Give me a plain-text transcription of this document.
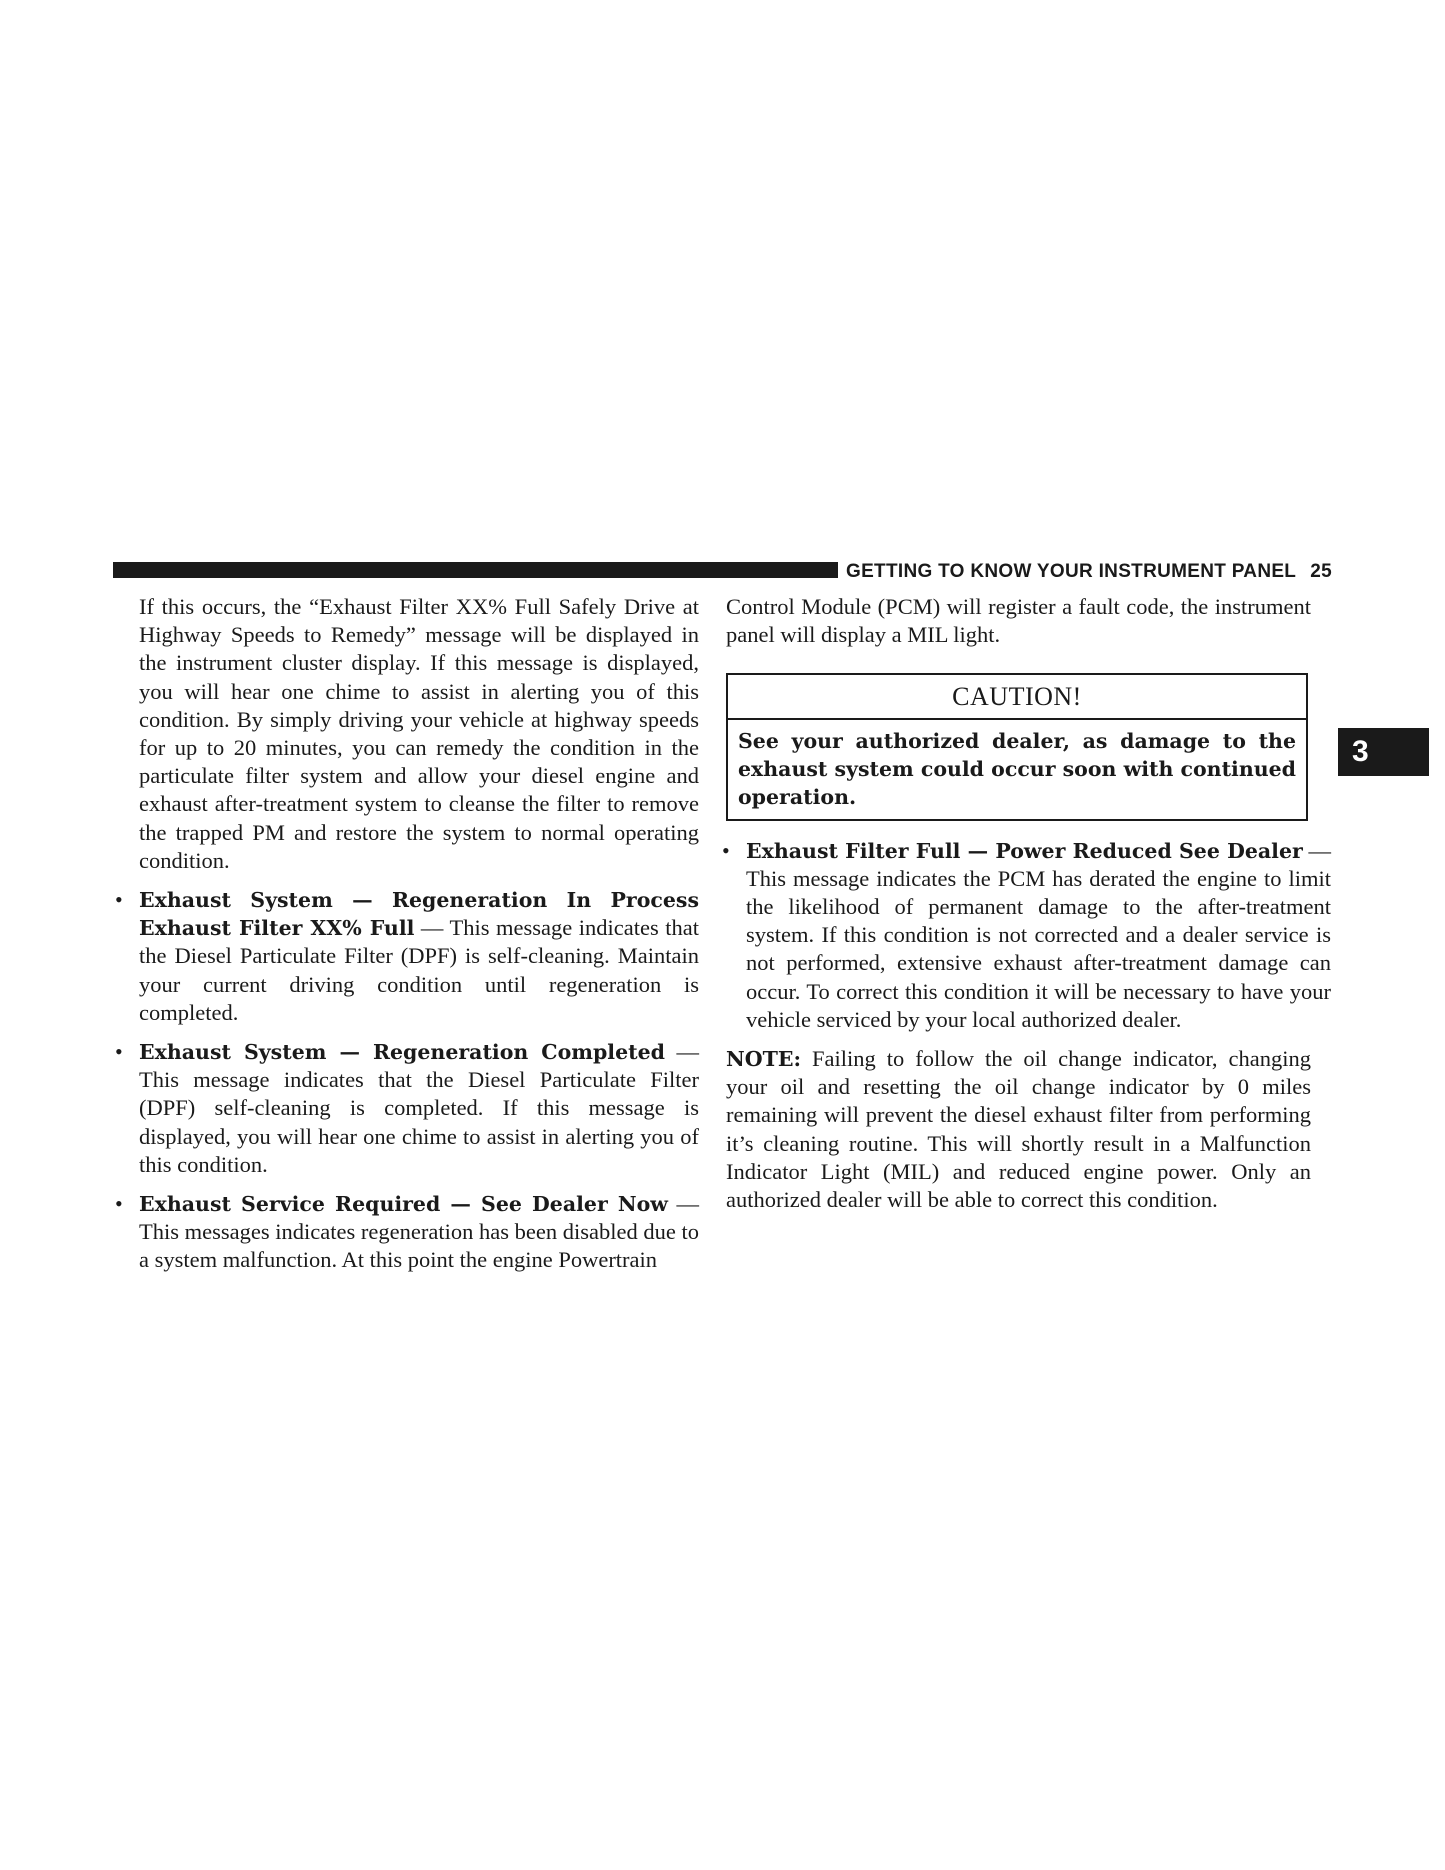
GETTING TO KNOW YOUR INSTRUMENT PANEL 25
3

If this occurs, the “Exhaust Filter XX% Full Safely Drive at Highway Speeds to Remedy” message will be displayed in the instrument cluster display. If this message is displayed, you will hear one chime to assist in alerting you of this condition. By simply driving your vehicle at highway speeds for up to 20 minutes, you can remedy the condition in the particulate filter system and allow your diesel engine and exhaust after-treatment system to cleanse the filter to remove the trapped PM and restore the system to normal operating condition.

• Exhaust System — Regeneration In Process Exhaust Filter XX% Full — This message indicates that the Diesel Particulate Filter (DPF) is self-cleaning. Maintain your current driving condition until regeneration is completed.
• Exhaust System — Regeneration Completed — This message indicates that the Diesel Particulate Filter (DPF) self-cleaning is completed. If this message is displayed, you will hear one chime to assist in alerting you of this condition.
• Exhaust Service Required — See Dealer Now — This messages indicates regeneration has been disabled due to a system malfunction. At this point the engine Powertrain

Control Module (PCM) will register a fault code, the instrument panel will display a MIL light.

CAUTION!
See your authorized dealer, as damage to the exhaust system could occur soon with continued operation.
• Exhaust Filter Full — Power Reduced See Dealer — This message indicates the PCM has derated the engine to limit the likelihood of permanent damage to the after-treatment system. If this condition is not corrected and a dealer service is not performed, extensive exhaust after-treatment damage can occur. To correct this condition it will be necessary to have your vehicle serviced by your local authorized dealer.

NOTE: Failing to follow the oil change indicator, changing your oil and resetting the oil change indicator by 0 miles remaining will prevent the diesel exhaust filter from performing it’s cleaning routine. This will shortly result in a Malfunction Indicator Light (MIL) and reduced engine power. Only an authorized dealer will be able to correct this condition.
